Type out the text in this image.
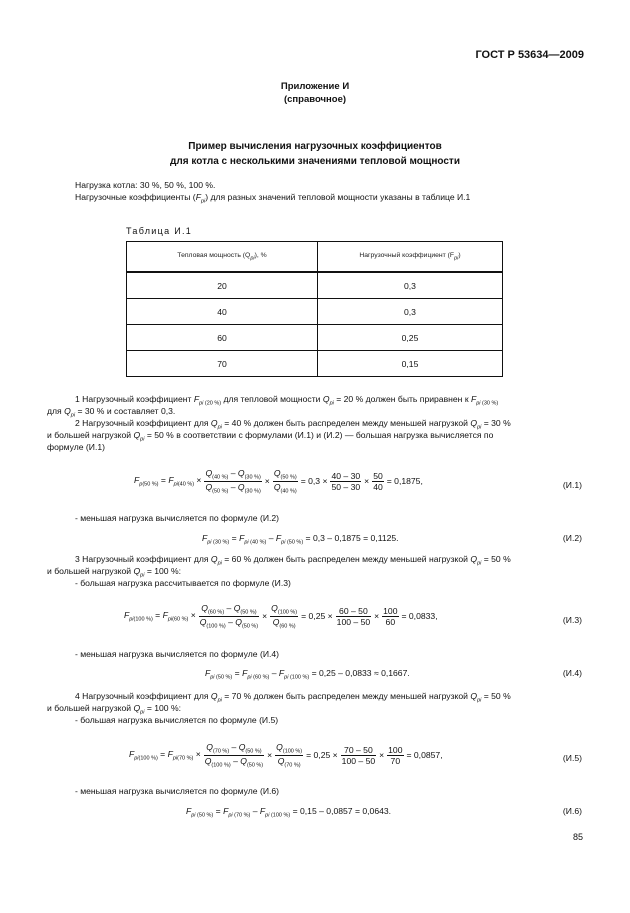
ГОСТ Р 53634—2009
Приложение И
(справочное)
Пример вычисления нагрузочных коэффициентов
для котла с несколькими значениями тепловой мощности
Нагрузка котла: 30 %, 50 %, 100 %.
Нагрузочные коэффициенты $(F_{pi})$ для разных значений тепловой мощности указаны в таблице И.1
Таблица И.1
Тепловая мощность $(Q_{pi})$, %	Нагрузочный коэффициент $(F_{pi})$
20	0,3
40	0,3
60	0,25
70	0,15
1 Нагрузочный коэффициент $F_{pi (20 \%)}$ для тепловой мощности $Q_{pi} = 20$ % должен быть приравнен к $F_{pi (30 \%)}$
для $Q_{pi} = 30$ % и составляет 0,3.
2 Нагрузочный коэффициент для $Q_{pi} = 40$ % должен быть распределен между меньшей нагрузкой $Q_{pi} = 30$ %
и большей нагрузкой $Q_{pi} = 50$ % в соответствии с формулами (И.1) и (И.2) — большая нагрузка вычисляется по
формуле (И.1)
$F_{p(50 \%)} = F_{pi(40 \%)} \times \frac{Q_{(40 \%)} - Q_{(30 \%)}}{Q_{(50 \%)} - Q_{(30 \%)}} \times \frac{Q_{(50 \%)}}{Q_{(40 \%)}} = 0,3 \times \frac{40 - 30}{50 - 30} \times \frac{50}{40} = 0,1875$,	(И.1)
- меньшая нагрузка вычисляется по формуле (И.2)
$F_{pi (30 \%)} = F_{pi (40 \%)} - F_{pi (50 \%)} = 0,3 - 0,1875 = 0,1125$.	(И.2)
3 Нагрузочный коэффициент для $Q_{pi} = 60$ % должен быть распределен между меньшей нагрузкой $Q_{pi} = 50$ %
и большей нагрузкой $Q_{pi} = 100$ %:
- большая нагрузка рассчитывается по формуле (И.3)
$F_{pi(100 \%)} = F_{pi(60 \%)} \times \frac{Q_{(60 \%)} - Q_{(50 \%)}}{Q_{(100 \%)} - Q_{(50 \%)}} \times \frac{Q_{(100 \%)}}{Q_{(60 \%)}} = 0,25 \times \frac{60 - 50}{100 - 50} \times \frac{100}{60} = 0,0833$,	(И.3)
- меньшая нагрузка вычисляется по формуле (И.4)
$F_{pi (50 \%)} = F_{pi (60 \%)} - F_{pi (100 \%)} = 0,25 - 0,0833 \approx 0,1667$.	(И.4)
4 Нагрузочный коэффициент для $Q_{pi} = 70$ % должен быть распределен между меньшей нагрузкой $Q_{pi} = 50$ %
и большей нагрузкой $Q_{pi} = 100$ %:
- большая нагрузка вычисляется по формуле (И.5)
$F_{pi(100 \%)} = F_{pi(70 \%)} \times \frac{Q_{(70 \%)} - Q_{(50 \%)}}{Q_{(100 \%)} - Q_{(50 \%)}} \times \frac{Q_{(100 \%)}}{Q_{(70 \%)}} = 0,25 \times \frac{70 - 50}{100 - 50} \times \frac{100}{70} = 0,0857$,	(И.5)
- меньшая нагрузка вычисляется по формуле (И.6)
$F_{pi (50 \%)} = F_{pi (70 \%)} - F_{pi (100 \%)} = 0,15 - 0,0857 = 0,0643$.	(И.6)
85
